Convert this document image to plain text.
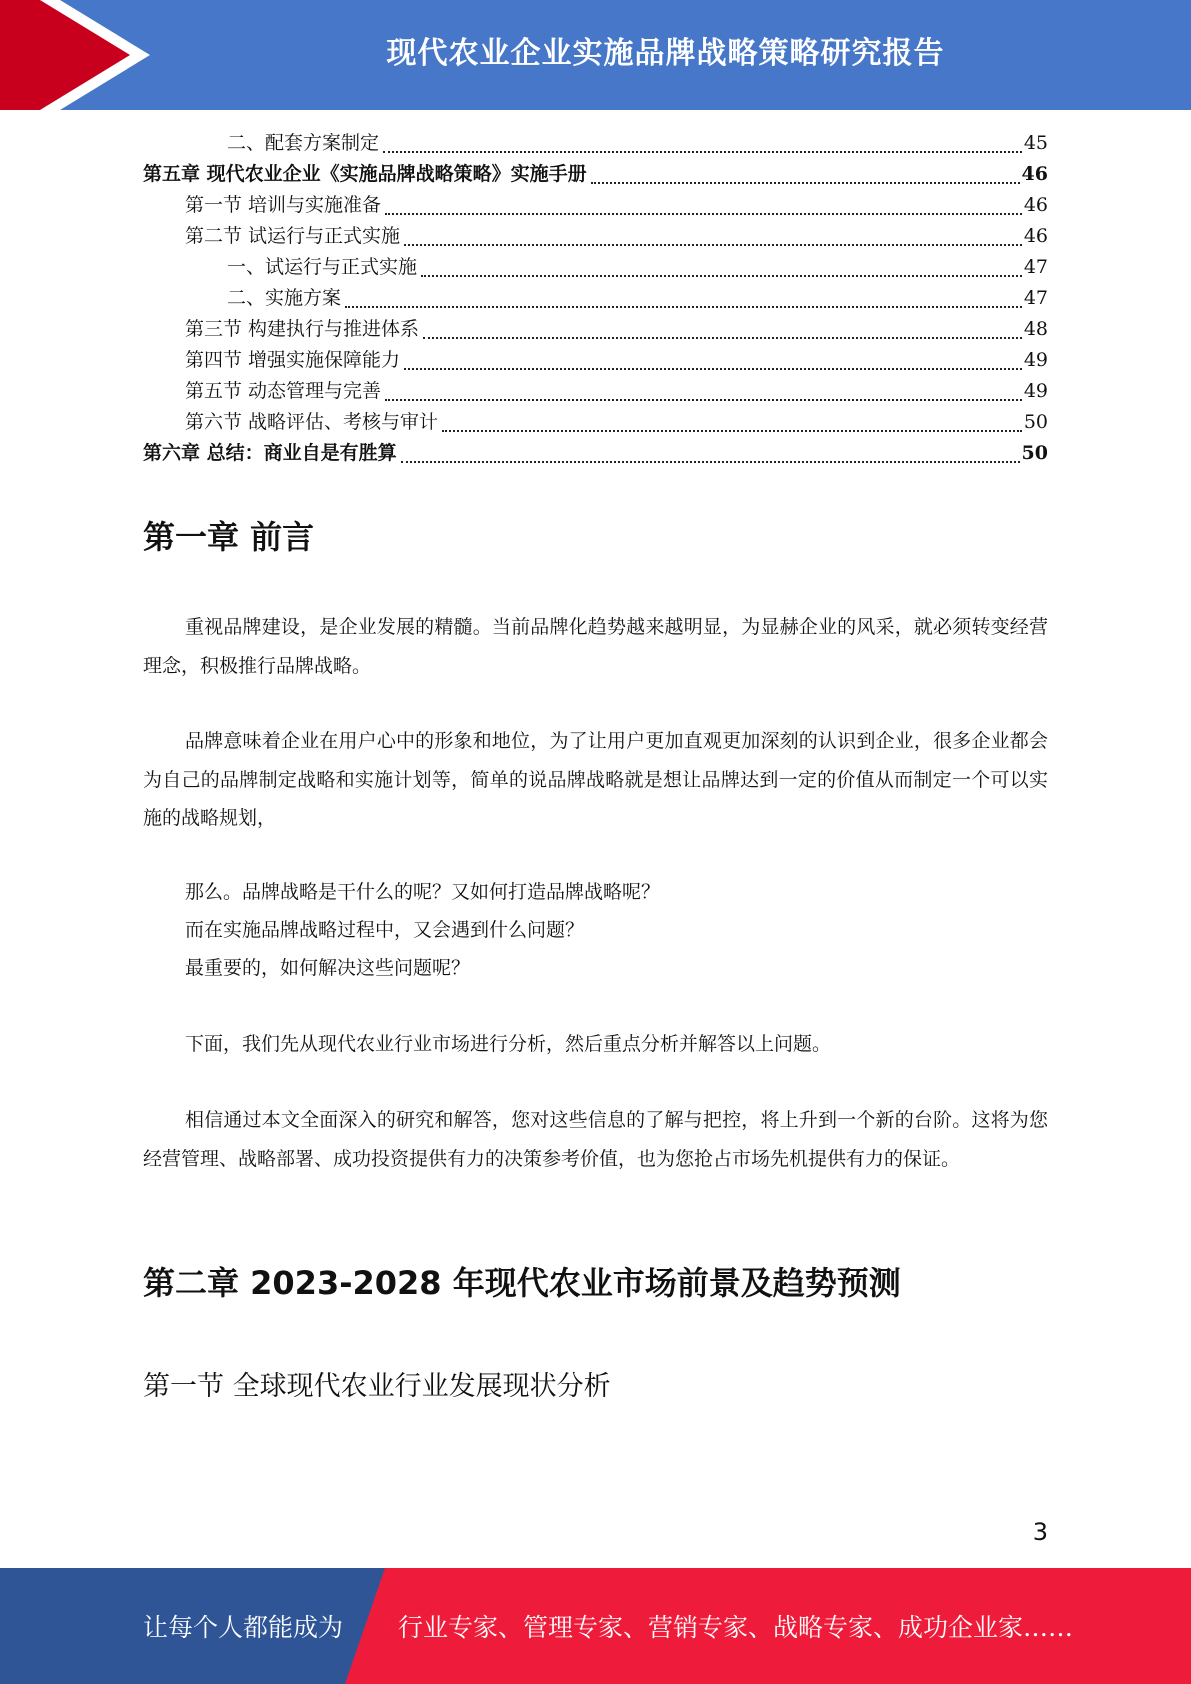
现代农业企业实施品牌战略策略研究报告
二、配套方案制定	45
第五章 现代农业企业《实施品牌战略策略》实施手册	46
第一节 培训与实施准备	46
第二节 试运行与正式实施	46
一、试运行与正式实施	47
二、实施方案	47
第三节 构建执行与推进体系	48
第四节 增强实施保障能力	49
第五节 动态管理与完善	49
第六节 战略评估、考核与审计	50
第六章 总结：商业自是有胜算	50
第一章 前言

重视品牌建设，是企业发展的精髓。当前品牌化趋势越来越明显，为显赫企业的风采，就必须转变经营理念，积极推行品牌战略。

品牌意味着企业在用户心中的形象和地位，为了让用户更加直观更加深刻的认识到企业，很多企业都会为自己的品牌制定战略和实施计划等，简单的说品牌战略就是想让品牌达到一定的价值从而制定一个可以实施的战略规划，

那么。品牌战略是干什么的呢？又如何打造品牌战略呢？

而在实施品牌战略过程中，又会遇到什么问题？

最重要的，如何解决这些问题呢？

下面，我们先从现代农业行业市场进行分析，然后重点分析并解答以上问题。

相信通过本文全面深入的研究和解答，您对这些信息的了解与把控，将上升到一个新的台阶。这将为您经营管理、战略部署、成功投资提供有力的决策参考价值，也为您抢占市场先机提供有力的保证。

第二章 2023-2028 年现代农业市场前景及趋势预测
第一节 全球现代农业行业发展现状分析
3
让每个人都能成为 行业专家、管理专家、营销专家、战略专家、成功企业家……
